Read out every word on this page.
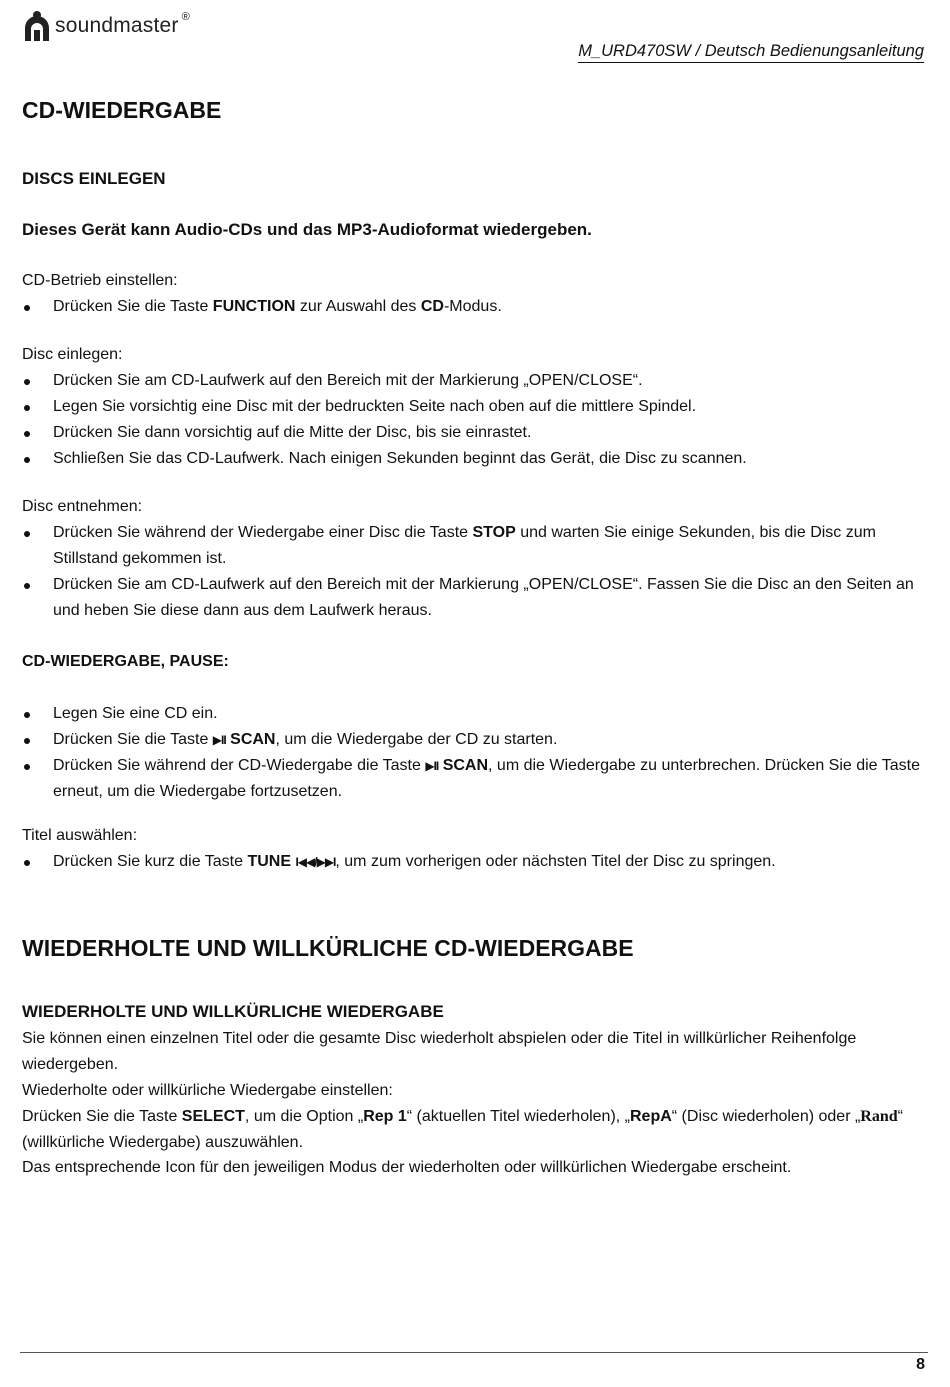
soundmaster ®
M_URD470SW / Deutsch Bedienungsanleitung
CD-WIEDERGABE
DISCS EINLEGEN

Dieses Gerät kann Audio-CDs und das MP3-Audioformat wiedergeben.

CD-Betrieb einstellen:

Drücken Sie die Taste FUNCTION zur Auswahl des CD-Modus.

Disc einlegen:

Drücken Sie am CD-Laufwerk auf den Bereich mit der Markierung „OPEN/CLOSE“.
Legen Sie vorsichtig eine Disc mit der bedruckten Seite nach oben auf die mittlere Spindel.
Drücken Sie dann vorsichtig auf die Mitte der Disc, bis sie einrastet.
Schließen Sie das CD-Laufwerk. Nach einigen Sekunden beginnt das Gerät, die Disc zu scannen.

Disc entnehmen:

Drücken Sie während der Wiedergabe einer Disc die Taste STOP und warten Sie einige Sekunden, bis die Disc zum Stillstand gekommen ist.
Drücken Sie am CD-Laufwerk auf den Bereich mit der Markierung „OPEN/CLOSE“. Fassen Sie die Disc an den Seiten an und heben Sie diese dann aus dem Laufwerk heraus.
CD-WIEDERGABE, PAUSE:
Legen Sie eine CD ein.
Drücken Sie die Taste ▶II SCAN, um die Wiedergabe der CD zu starten.
Drücken Sie während der CD-Wiedergabe die Taste ▶II SCAN, um die Wiedergabe zu unterbrechen. Drücken Sie die Taste erneut, um die Wiedergabe fortzusetzen.

Titel auswählen:

Drücken Sie kurz die Taste TUNE I◀◀/▶▶I, um zum vorherigen oder nächsten Titel der Disc zu springen.
WIEDERHOLTE UND WILLKÜRLICHE CD-WIEDERGABE
WIEDERHOLTE UND WILLKÜRLICHE WIEDERGABE

Sie können einen einzelnen Titel oder die gesamte Disc wiederholt abspielen oder die Titel in willkürlicher Reihenfolge wiedergeben.

Wiederholte oder willkürliche Wiedergabe einstellen:

Drücken Sie die Taste SELECT, um die Option „Rep 1“ (aktuellen Titel wiederholen), „RepA“ (Disc wiederholen) oder „Rand“ (willkürliche Wiedergabe) auszuwählen.

Das entsprechende Icon für den jeweiligen Modus der wiederholten oder willkürlichen Wiedergabe erscheint.

8
